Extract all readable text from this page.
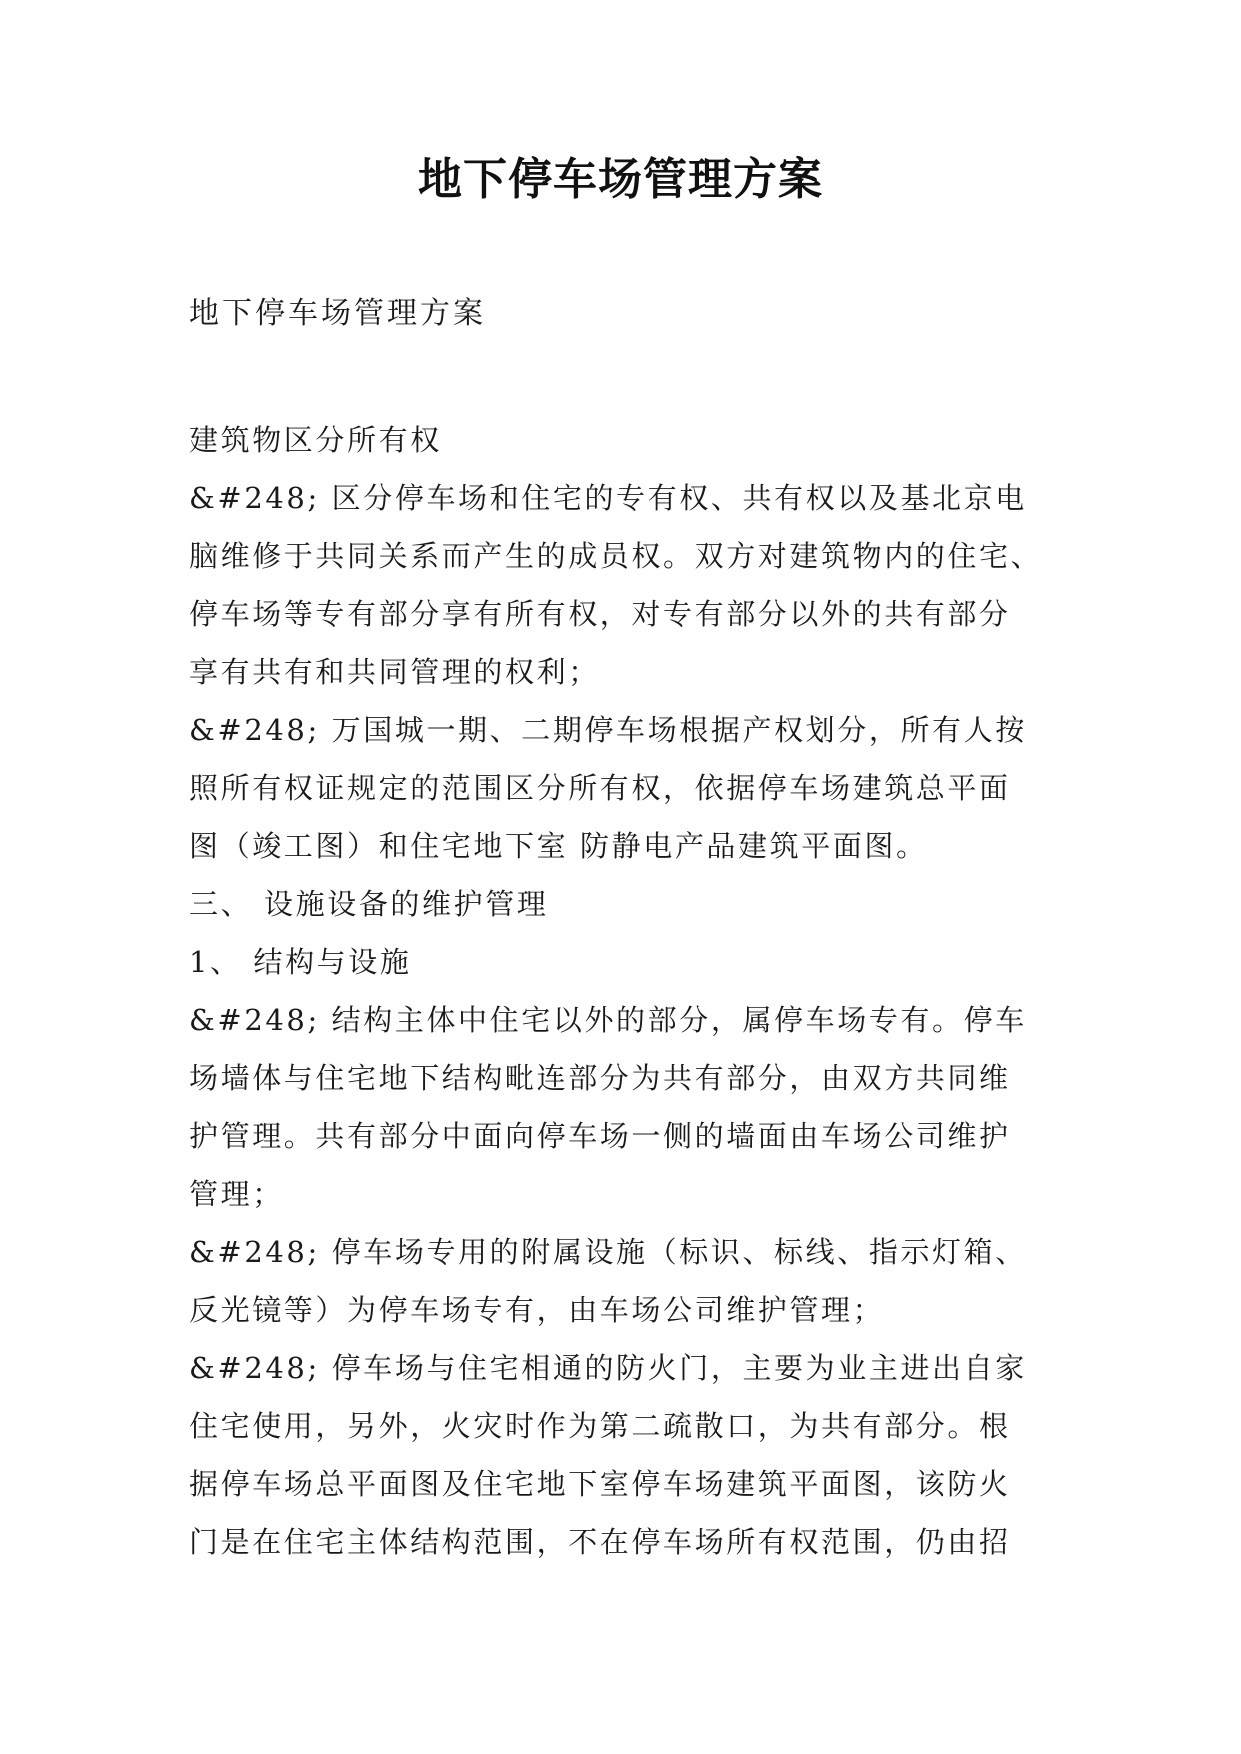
地下停车场管理方案
地下停车场管理方案
建筑物区分所有权
&#248; 区分停车场和住宅的专有权、共有权以及基北京电
脑维修于共同关系而产生的成员权。双方对建筑物内的住宅、
停车场等专有部分享有所有权，对专有部分以外的共有部分
享有共有和共同管理的权利；
&#248; 万国城一期、二期停车场根据产权划分，所有人按
照所有权证规定的范围区分所有权，依据停车场建筑总平面
图（竣工图）和住宅地下室 防静电产品建筑平面图。
三、 设施设备的维护管理
1、 结构与设施
&#248; 结构主体中住宅以外的部分，属停车场专有。停车
场墙体与住宅地下结构毗连部分为共有部分，由双方共同维
护管理。共有部分中面向停车场一侧的墙面由车场公司维护
管理；
&#248; 停车场专用的附属设施（标识、标线、指示灯箱、
反光镜等）为停车场专有，由车场公司维护管理；
&#248; 停车场与住宅相通的防火门，主要为业主进出自家
住宅使用，另外，火灾时作为第二疏散口，为共有部分。根
据停车场总平面图及住宅地下室停车场建筑平面图，该防火
门是在住宅主体结构范围，不在停车场所有权范围，仍由招
